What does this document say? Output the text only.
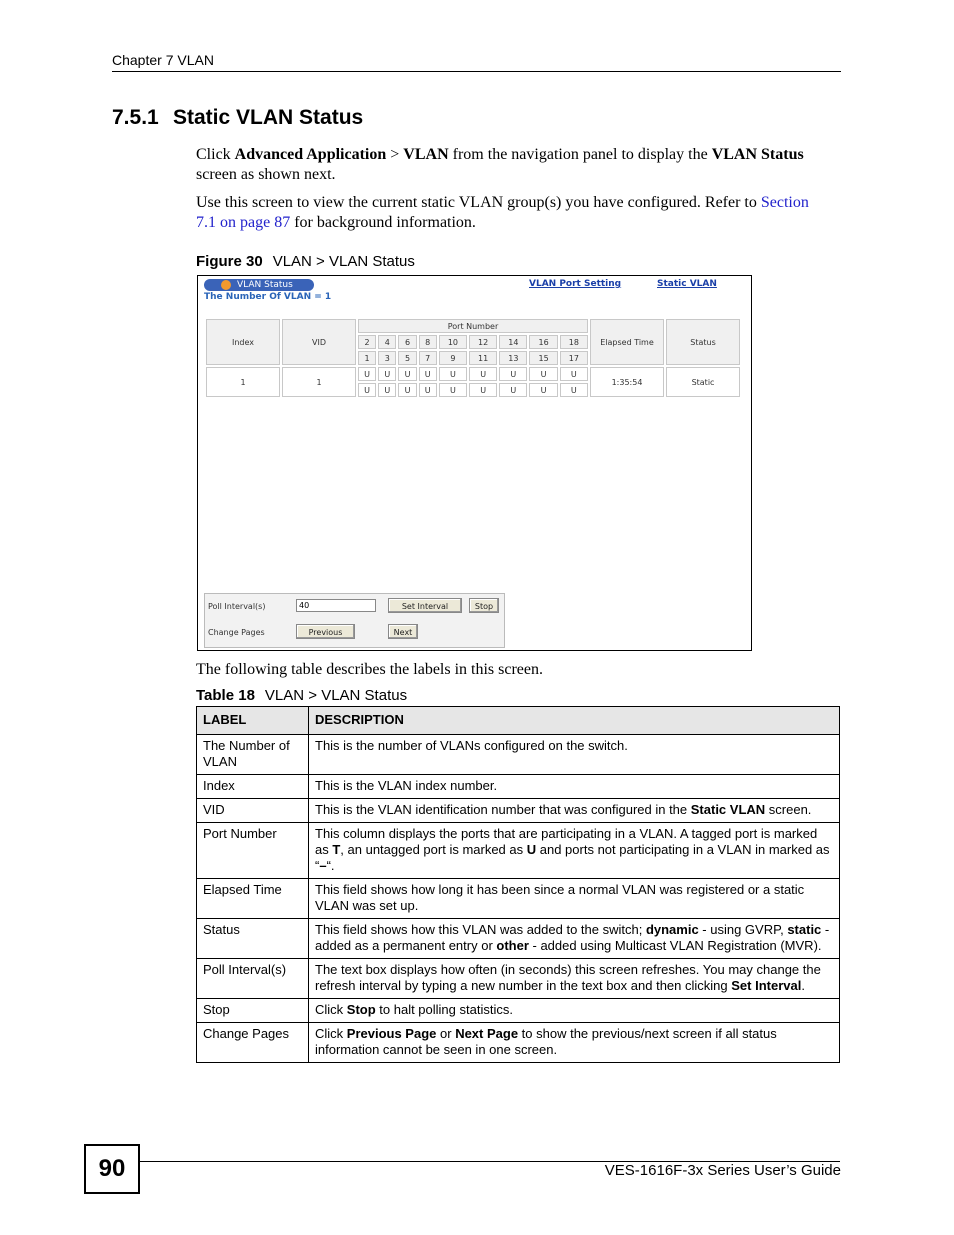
Chapter 7 VLAN
7.5.1 Static VLAN Status
Click Advanced Application > VLAN from the navigation panel to display the VLAN Status screen as shown next.
Use this screen to view the current static VLAN group(s) you have configured. Refer to Section 7.1 on page 87 for background information.
Figure 30 VLAN > VLAN Status
VLAN Status
The Number Of VLAN = 1
VLAN Port Setting	Static VLAN
Index	VID	Port Number									Elapsed Time	Status
		2	4	6	8	10	12	14	16	18		
		1	3	5	7	9	11	13	15	17		
1	1	U	U	U	U	U	U	U	U	U	1:35:54	Static
		U	U	U	U	U	U	U	U	U		
Poll Interval(s)
40	Set Interval	Stop
Change Pages	Previous	Next
The following table describes the labels in this screen.
Table 18 VLAN > VLAN Status
LABEL	DESCRIPTION
The Number of VLAN	This is the number of VLANs configured on the switch.
Index	This is the VLAN index number.
VID	This is the VLAN identification number that was configured in the Static VLAN screen.
Port Number	This column displays the ports that are participating in a VLAN. A tagged port is marked as T, an untagged port is marked as U and ports not participating in a VLAN in marked as “–“.
Elapsed Time	This field shows how long it has been since a normal VLAN was registered or a static VLAN was set up.
Status	This field shows how this VLAN was added to the switch; dynamic - using GVRP, static - added as a permanent entry or other - added using Multicast VLAN Registration (MVR).
Poll Interval(s)	The text box displays how often (in seconds) this screen refreshes. You may change the refresh interval by typing a new number in the text box and then clicking Set Interval.
Stop	Click Stop to halt polling statistics.
Change Pages	Click Previous Page or Next Page to show the previous/next screen if all status information cannot be seen in one screen.
90	VES-1616F-3x Series User’s Guide
